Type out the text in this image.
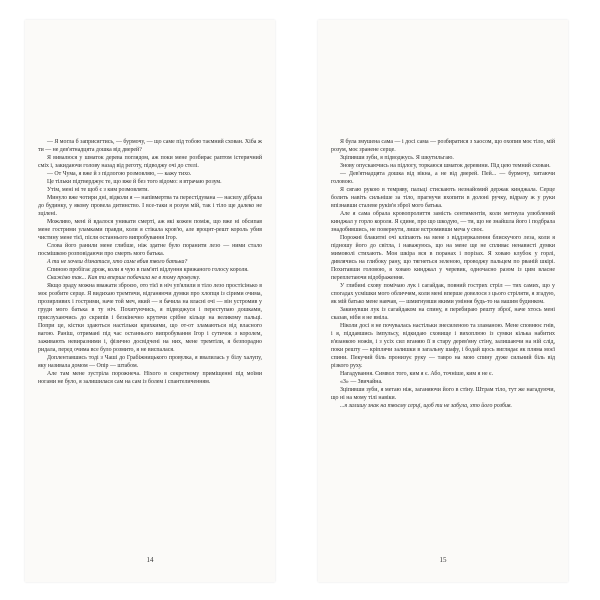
— Я могла б заприсягтись, — бурмочу, — що саме під тобою таємний схован. Хіба ж ти — не дев'ятнадцята дошка від дверей?

Я вивалюся у шматок дерева поглядом, аж поки мене розбирає раптом істеричний сміх і, закидаючи голову назад від реготу, підводжу очі до стелі.

— От Чума, я вже й з підлогою розмовляю, — кажу тихо.

Це тільки підтверджує те, що вже й без того відомо: я втрачаю розум.

Утім, мені ні те щоб є з ким розмовляти.

Минуло вже чотири дні, відколи я — напівмертва та перестідувана — насилу дібрала до будинку, у якому провела дитинство. І все-таки я розум мій, так і тіло ще далеко не зцілені.

Можливо, мені й вдалося уникати смерті, аж які кожен поміж, що вже ні обсипав мене гострими уламками правди, коли я стікала кров'ю, але вроцнт-решт король убив чистину мене тієї, після останнього випробування Ігор.

Слова його ранили мене глибше, ніж здатне було поранити лезо — ними стало посмішкою розповідаючи про смерть мого батька.

А ти не хочеш дізнатися, хто саме вбив твого батька?

Спиною пробігає дрож, коли я чую в пам'яті відлуння крижаного голосу короля.

Скажімо так... Кая ти вперше побачила не в тому провулку.

Якщо зраду можна вважати зброєю, ото тієї в ніч уп'ялили в тіло лезо простісінько в моє розбите серце. Я видихаю тремтячи, відганяючи думки про хлопця із сірими очима, прозирливих і гострими, наче той меч, який — я бачила на власні очі — він устромив у груди мого батька в ту ніч. Похитуючись, я підводжуся і переступаю дошками, прислухаючись до скрипів і безкінечно крутячи срібне кільце на великому пальці. Попри це, кістки здаються настільки крихкими, що от-от зламаються від власного вагою. Раніш, отримані під час останнього випробування Ігор і сутичок з королем, заживають невиразними і, фізично досвідчені на них, мене тремтіли, я безпорадно ридала, перед очима все було розмито, я не виспалася.

Доплентавшись тоді з Чаші до Грабіжницького провулка, я ввалилась у білу халупу, яку називала домом — Опір — штабом.

Але там мене зустріла порожнеча. Ніхого в секретному приміщенні під моїми ногами не було, я залишилася сам на сам із болем і спантеличенням.

14

Я була змушена сама — і досі сама — розбиратися з хаосом, що охопив моє тіло, мій розум, моє зранене серце.

Зціпивши зуби, я підводжусь. Я шкутильгаю.

Знову опускаючись на підлогу, торкаюся шматок деревини. Під цею темний схован.

— Дев'ятнадцята дошка від вікна, а не від дверей. Пей... — бурмочу, хитаючи головою.

Я сягаю рукою в темряву, пальці стискають незнайомий держак кинджала. Серце болить навіть сильніше за тіло, прагнучи вхопити в долоні ручку, відразу ж у руки впізнавши сталеве руків'я зброї мого батька.

Але я сама обрала кровопролиття замість сентиментів, коли метнула улюблений кинджал у горло короля. Я єдине, про що шкодую, — ти, що не знайшла його і подбрала знадобившись, не повернути, лише встромивши меча у своє.

Порожні блакитні очі кліпають на мене з віддзеркалення блискучого леза, коли я підношу його до світла, і наважуюсь, що на мене ще не спливає ненависті думки мимоволі стихають. Моя шкіра вся в поранах і порізах. Я ховаю клубок у горлі, дивлячись на глибоку рану, що тягнеться зеленою, проводжу пальцем по рваній шкірі. Похитавши головою, я ховаю кинджал у черевик, одночасно разом із цим власне переплетаючи відображення.

У глибині схову помічаю лук і сагайдак, повний гострих стріл — тих самих, що у спогадах усмішки мого обличчям, коли мені вперше довелося з цього стріляти, я згадую, як мій батько мене навчав, — шмигнувши якими уміння будь-то на вашим будинком.

Закинувши лук із сагайдаком на спину, я перебираю решту зброї, наче хтось мені сказав, ніби я не вміла.

Ніколи досі я не почувалась настільки знесиленою та зламаною. Мене сповнює гнів, і я, піддавшись імпульсу, відкидаю сховище і вихоплюю із сумки кілька набитих в'язанкою ножів, і з усіх сил вганяю її в стару дерев'яну стіну, залишаючи на ній слід, поки решту — кріплячи залишки в загальну шафу, і бодай щось виглядає як пляма моєї спини. Пекучий біль пронизує руку — тавро на мою спину дуже сильний біль від різкого руху.

Нагадування. Символ того, ким я є. Або, точніше, ким я не є.

«З» — Звичайна.

Зціпивши зуби, я метаю ніж, заганяючи його в стіну. Штрам тіло, тут же нагадуючи, що ні на мому тілі навіки.

...я залишу знак на твоєму серці, щоб ти не забула, хто його розбив.

15
